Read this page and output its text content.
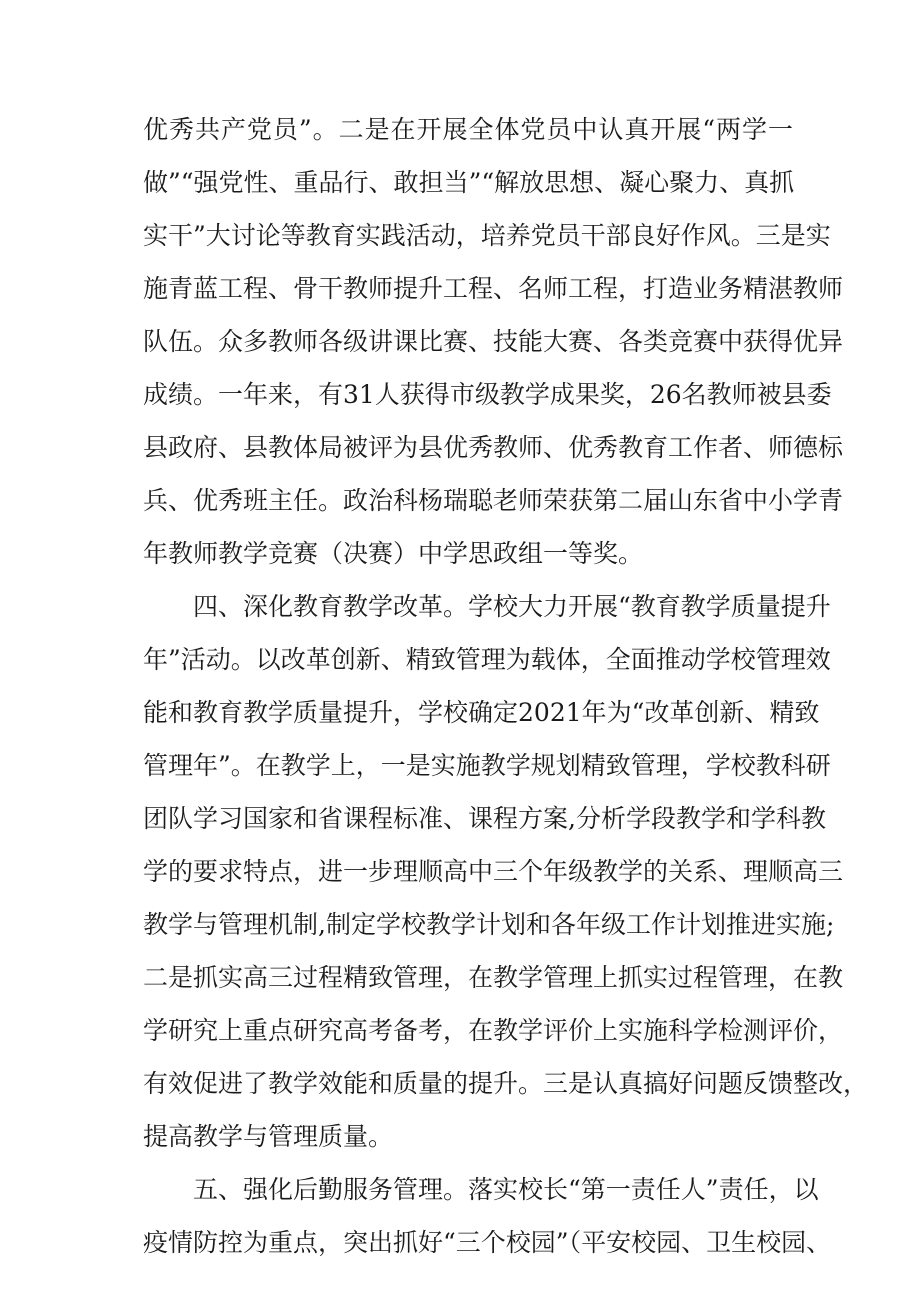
优秀共产党员”。二是在开展全体党员中认真开展“两学一
做”“强党性、重品行、敢担当”“解放思想、凝心聚力、真抓
实干”大讨论等教育实践活动，培养党员干部良好作风。三是实
施青蓝工程、骨干教师提升工程、名师工程，打造业务精湛教师
队伍。众多教师各级讲课比赛、技能大赛、各类竞赛中获得优异
成绩。一年来，有31人获得市级教学成果奖，26名教师被县委
县政府、县教体局被评为县优秀教师、优秀教育工作者、师德标
兵、优秀班主任。政治科杨瑞聪老师荣获第二届山东省中小学青
年教师教学竞赛（决赛）中学思政组一等奖。
四、深化教育教学改革。学校大力开展“教育教学质量提升
年”活动。以改革创新、精致管理为载体，全面推动学校管理效
能和教育教学质量提升，学校确定2021年为“改革创新、精致
管理年”。在教学上，一是实施教学规划精致管理，学校教科研
团队学习国家和省课程标准、课程方案,分析学段教学和学科教
学的要求特点，进一步理顺高中三个年级教学的关系、理顺高三
教学与管理机制,制定学校教学计划和各年级工作计划推进实施;
二是抓实高三过程精致管理，在教学管理上抓实过程管理，在教
学研究上重点研究高考备考，在教学评价上实施科学检测评价，
有效促进了教学效能和质量的提升。三是认真搞好问题反馈整改，
提高教学与管理质量。
五、强化后勤服务管理。落实校长“第一责任人”责任，以
疫情防控为重点，突出抓好“三个校园”（平安校园、卫生校园、
